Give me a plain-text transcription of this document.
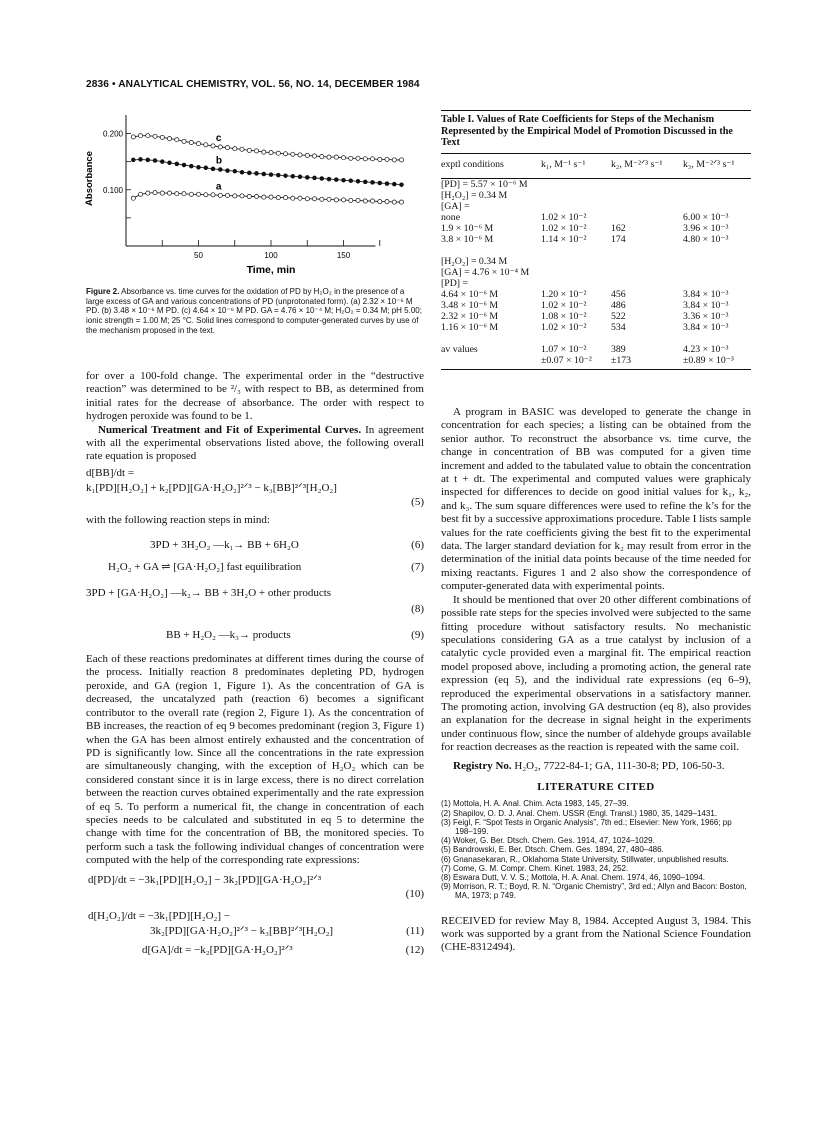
2836 • ANALYTICAL CHEMISTRY, VOL. 56, NO. 14, DECEMBER 1984
50	100	150
0.100
0.200
Time, min
Absorbance
c
b
a
Figure 2. Absorbance vs. time curves for the oxidation of PD by H₂O₂ in the presence of a large excess of GA and various concentrations of PD (unprotonated form). (a) 2.32 × 10⁻⁶ M PD. (b) 3.48 × 10⁻⁶ M PD. (c) 4.64 × 10⁻⁶ M PD. GA = 4.76 × 10⁻⁴ M; H₂O₂ = 0.34 M; pH 5.00; ionic strength = 1.00 M; 25 °C. Solid lines correspond to computer-generated curves by use of the mechanism proposed in the text.
Table I. Values of Rate Coefficients for Steps of the Mechanism Represented by the Empirical Model of Promotion Discussed in the Text
exptl conditions	k₁, M⁻¹ s⁻¹	k₂, M⁻²ᐟ³ s⁻¹	k₃, M⁻²ᐟ³ s⁻¹
[PD] = 5.57 × 10⁻⁶ M			
[H₂O₂] = 0.34 M			
[GA] =			
none	1.02 × 10⁻²		6.00 × 10⁻³
1.9 × 10⁻⁶ M	1.02 × 10⁻²	162	3.96 × 10⁻³
3.8 × 10⁻⁶ M	1.14 × 10⁻²	174	4.80 × 10⁻³

[H₂O₂] = 0.34 M			
[GA] = 4.76 × 10⁻⁴ M			
[PD] =			
4.64 × 10⁻⁶ M	1.20 × 10⁻²	456	3.84 × 10⁻³
3.48 × 10⁻⁶ M	1.02 × 10⁻²	486	3.84 × 10⁻³
2.32 × 10⁻⁶ M	1.08 × 10⁻²	522	3.36 × 10⁻³
1.16 × 10⁻⁶ M	1.02 × 10⁻²	534	3.84 × 10⁻³

av values	1.07 × 10⁻²	389	4.23 × 10⁻³
	±0.07 × 10⁻²	±173	±0.89 × 10⁻³

for over a 100-fold change. The experimental order in the “destructive reaction” was determined to be ²/₃ with respect to BB, as determined from initial rates for the decrease of absorbance. The order with respect to hydrogen peroxide was found to be 1.

Numerical Treatment and Fit of Experimental Curves. In agreement with all the experimental observations listed above, the following overall rate equation is proposed

d[BB]/dt =
k₁[PD][H₂O₂] + k₂[PD][GA·H₂O₂]²ᐟ³ − k₃[BB]²ᐟ³[H₂O₂]
(5)

with the following reaction steps in mind:

3PD + 3H₂O₂ —k₁→ BB + 6H₂O	(6)
H₂O₂ + GA ⇌ [GA·H₂O₂] fast equilibration	(7)
3PD + [GA·H₂O₂] —k₂→ BB + 3H₂O + other products
(8)
BB + H₂O₂ —k₃→ products	(9)

Each of these reactions predominates at different times during the course of the process. Initially reaction 8 predominates depleting PD, hydrogen peroxide, and GA (region 1, Figure 1). As the concentration of GA is decreased, the uncatalyzed path (reaction 6) becomes a significant contributor to the overall rate (region 2, Figure 1). As the concentration of BB increases, the reaction of eq 9 becomes predominant (region 3, Figure 1) when the GA has been almost entirely exhausted and the concentration of PD is significantly low. Since all the concentrations in the rate expression are simultaneously changing, with the exception of H₂O₂ which can be considered constant since it is in large excess, there is no direct correlation between the reaction curves obtained experimentally and the rate expression of eq 5. To perform a numerical fit, the change in concentration of each species needs to be calculated and substituted in eq 5 to determine the change with time for the concentration of BB, the monitored species. To perform such a task the following individual changes of concentration were computed with the help of the corresponding rate expressions:

d[PD]/dt = −3k₁[PD][H₂O₂] − 3k₂[PD][GA·H₂O₂]²ᐟ³
(10)
d[H₂O₂]/dt = −3k₁[PD][H₂O₂] −
3k₂[PD][GA·H₂O₂]²ᐟ³ − k₃[BB]²ᐟ³[H₂O₂]	(11)
d[GA]/dt = −k₂[PD][GA·H₂O₂]²ᐟ³	(12)

A program in BASIC was developed to generate the change in concentration for each species; a listing can be obtained from the senior author. To reconstruct the absorbance vs. time curve, the change in concentration of BB was computed for a given time increment and added to the tabulated value to obtain the concentration at t + dt. The experimental and computed values were graphicaly inspected for differences to decide on good initial values for k₁, k₂, and k₃. The sum square differences were used to refine the k’s for the best fit by a successive approximations procedure. Table I lists sample values for the rate coefficients giving the best fit to the experimental data. The larger standard deviation for k₂ may result from error in the determination of the initial data points because of the time needed for mixing reactants. Figures 1 and 2 also show the correspondence of computer-generated data with experimental points.

It should be mentioned that over 20 other different combinations of possible rate steps for the species involved were subjected to the same fitting procedure without satisfactory results. No mechanistic speculations considering GA as a true catalyst by inclusion of a catalytic cycle provided even a marginal fit. The empirical reaction model proposed above, including a promoting action, the general rate expression (eq 5), and the individual rate expressions (eq 6–9), reproduced the experimental observations in a satisfactory manner. The promoting action, involving GA destruction (eq 8), also provides an explanation for the decrease in signal height in the experiments under continuous flow, since the number of aldehyde groups available for reaction decreases as the reaction is repeated with the same coil.

Registry No. H₂O₂, 7722-84-1; GA, 111-30-8; PD, 106-50-3.

LITERATURE CITED
(1) Mottola, H. A. Anal. Chim. Acta 1983, 145, 27–39.
(2) Shapilov, O. D. J. Anal. Chem. USSR (Engl. Transl.) 1980, 35, 1429–1431.
(3) Feigl, F. “Spot Tests in Organic Analysis”, 7th ed.; Elsevier: New York, 1966; pp 198–199.
(4) Woker, G. Ber. Dtsch. Chem. Ges. 1914, 47, 1024–1029.
(5) Bandrowski, E. Ber. Dtsch. Chem. Ges. 1894, 27, 480–486.
(6) Gnanasekaran, R., Oklahoma State University, Stillwater, unpublished results.
(7) Come, G. M. Compr. Chem. Kinet. 1983, 24, 252.
(8) Eswara Dutt, V. V. S.; Mottola, H. A. Anal. Chem. 1974, 46, 1090–1094.
(9) Morrison, R. T.; Boyd, R. N. “Organic Chemistry”, 3rd ed.; Allyn and Bacon: Boston, MA, 1973; p 749.

RECEIVED for review May 8, 1984. Accepted August 3, 1984. This work was supported by a grant from the National Science Foundation (CHE-8312494).
